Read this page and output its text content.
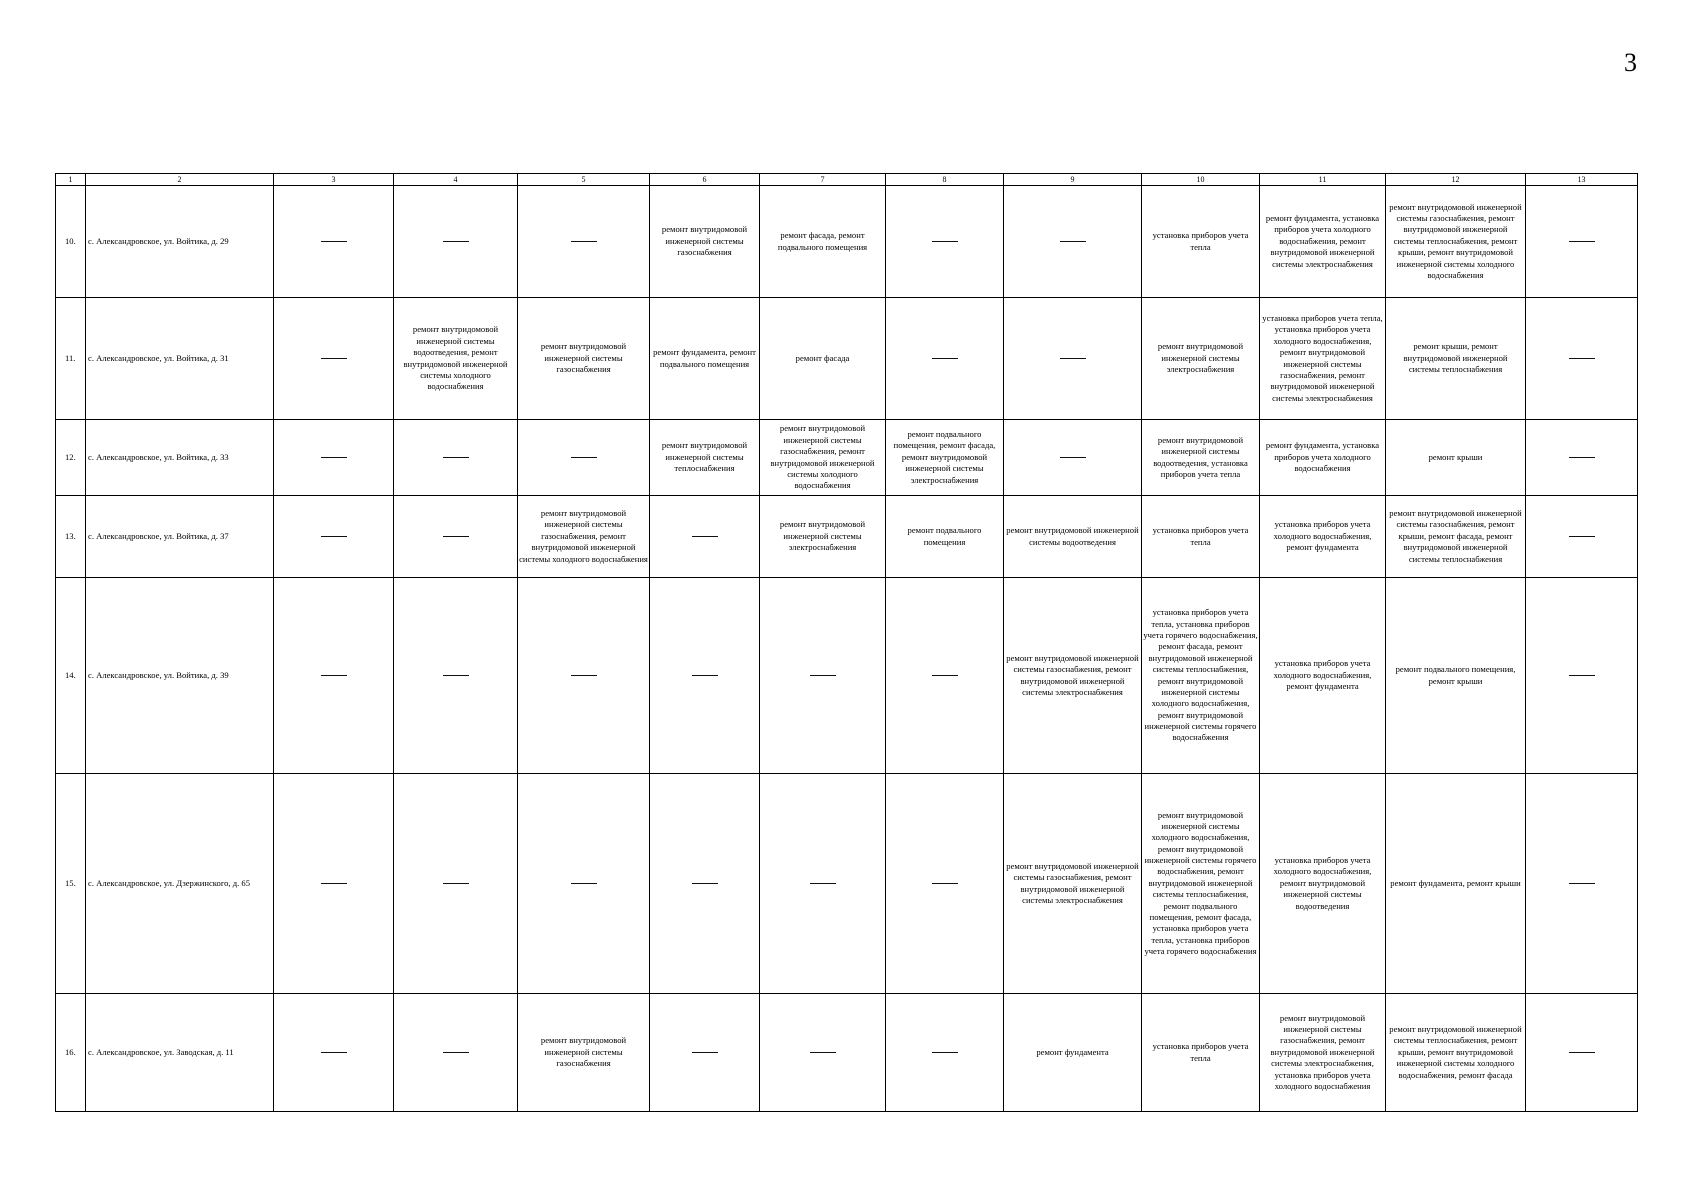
3
1	2	3	4	5	6	7	8	9	10	11	12	13
10.	с. Александровское, ул. Войтика, д. 29				ремонт внутридомовой инженерной системы газоснабжения	ремонт фасада, ремонт подвального помещения			установка приборов учета тепла	ремонт фундамента, установка приборов учета холодного водоснабжения, ремонт внутридомовой инженерной системы электроснабжения	ремонт внутридомовой инженерной системы газоснабжения, ремонт внутридомовой инженерной системы теплоснабжения, ремонт крыши, ремонт внутридомовой инженерной системы холодного водоснабжения	
11.	с. Александровское, ул. Войтика, д. 31		ремонт внутридомовой инженерной системы водоотведения, ремонт внутридомовой инженерной системы холодного водоснабжения	ремонт внутридомовой инженерной системы газоснабжения	ремонт фундамента, ремонт подвального помещения	ремонт фасада			ремонт внутридомовой инженерной системы электроснабжения	установка приборов учета тепла, установка приборов учета холодного водоснабжения, ремонт внутридомовой инженерной системы газоснабжения, ремонт внутридомовой инженерной системы электроснабжения	ремонт крыши, ремонт внутридомовой инженерной системы теплоснабжения	
12.	с. Александровское, ул. Войтика, д. 33				ремонт внутридомовой инженерной системы теплоснабжения	ремонт внутридомовой инженерной системы газоснабжения, ремонт внутридомовой инженерной системы холодного водоснабжения	ремонт подвального помещения, ремонт фасада, ремонт внутридомовой инженерной системы электроснабжения		ремонт внутридомовой инженерной системы водоотведения, установка приборов учета тепла	ремонт фундамента, установка приборов учета холодного водоснабжения	ремонт крыши	
13.	с. Александровское, ул. Войтика, д. 37			ремонт внутридомовой инженерной системы газоснабжения, ремонт внутридомовой инженерной системы холодного водоснабжения		ремонт внутридомовой инженерной системы электроснабжения	ремонт подвального помещения	ремонт внутридомовой инженерной системы водоотведения	установка приборов учета тепла	установка приборов учета холодного водоснабжения, ремонт фундамента	ремонт внутридомовой инженерной системы газоснабжения, ремонт крыши, ремонт фасада, ремонт внутридомовой инженерной системы теплоснабжения	
14.	с. Александровское, ул. Войтика, д. 39							ремонт внутридомовой инженерной системы газоснабжения, ремонт внутридомовой инженерной системы электроснабжения	установка приборов учета тепла, установка приборов учета горячего водоснабжения, ремонт фасада, ремонт внутридомовой инженерной системы теплоснабжения, ремонт внутридомовой инженерной системы холодного водоснабжения, ремонт внутридомовой инженерной системы горячего водоснабжения	установка приборов учета холодного водоснабжения, ремонт фундамента	ремонт подвального помещения, ремонт крыши	
15.	с. Александровское, ул. Дзержинского, д. 65							ремонт внутридомовой инженерной системы газоснабжения, ремонт внутридомовой инженерной системы электроснабжения	ремонт внутридомовой инженерной системы холодного водоснабжения, ремонт внутридомовой инженерной системы горячего водоснабжения, ремонт внутридомовой инженерной системы теплоснабжения, ремонт подвального помещения, ремонт фасада, установка приборов учета тепла, установка приборов учета горячего водоснабжения	установка приборов учета холодного водоснабжения, ремонт внутридомовой инженерной системы водоотведения	ремонт фундамента, ремонт крыши	
16.	с. Александровское, ул. Заводская, д. 11			ремонт внутридомовой инженерной системы газоснабжения				ремонт фундамента	установка приборов учета тепла	ремонт внутридомовой инженерной системы газоснабжения, ремонт внутридомовой инженерной системы электроснабжения, установка приборов учета холодного водоснабжения	ремонт внутридомовой инженерной системы теплоснабжения, ремонт крыши, ремонт внутридомовой инженерной системы холодного водоснабжения, ремонт фасада	
